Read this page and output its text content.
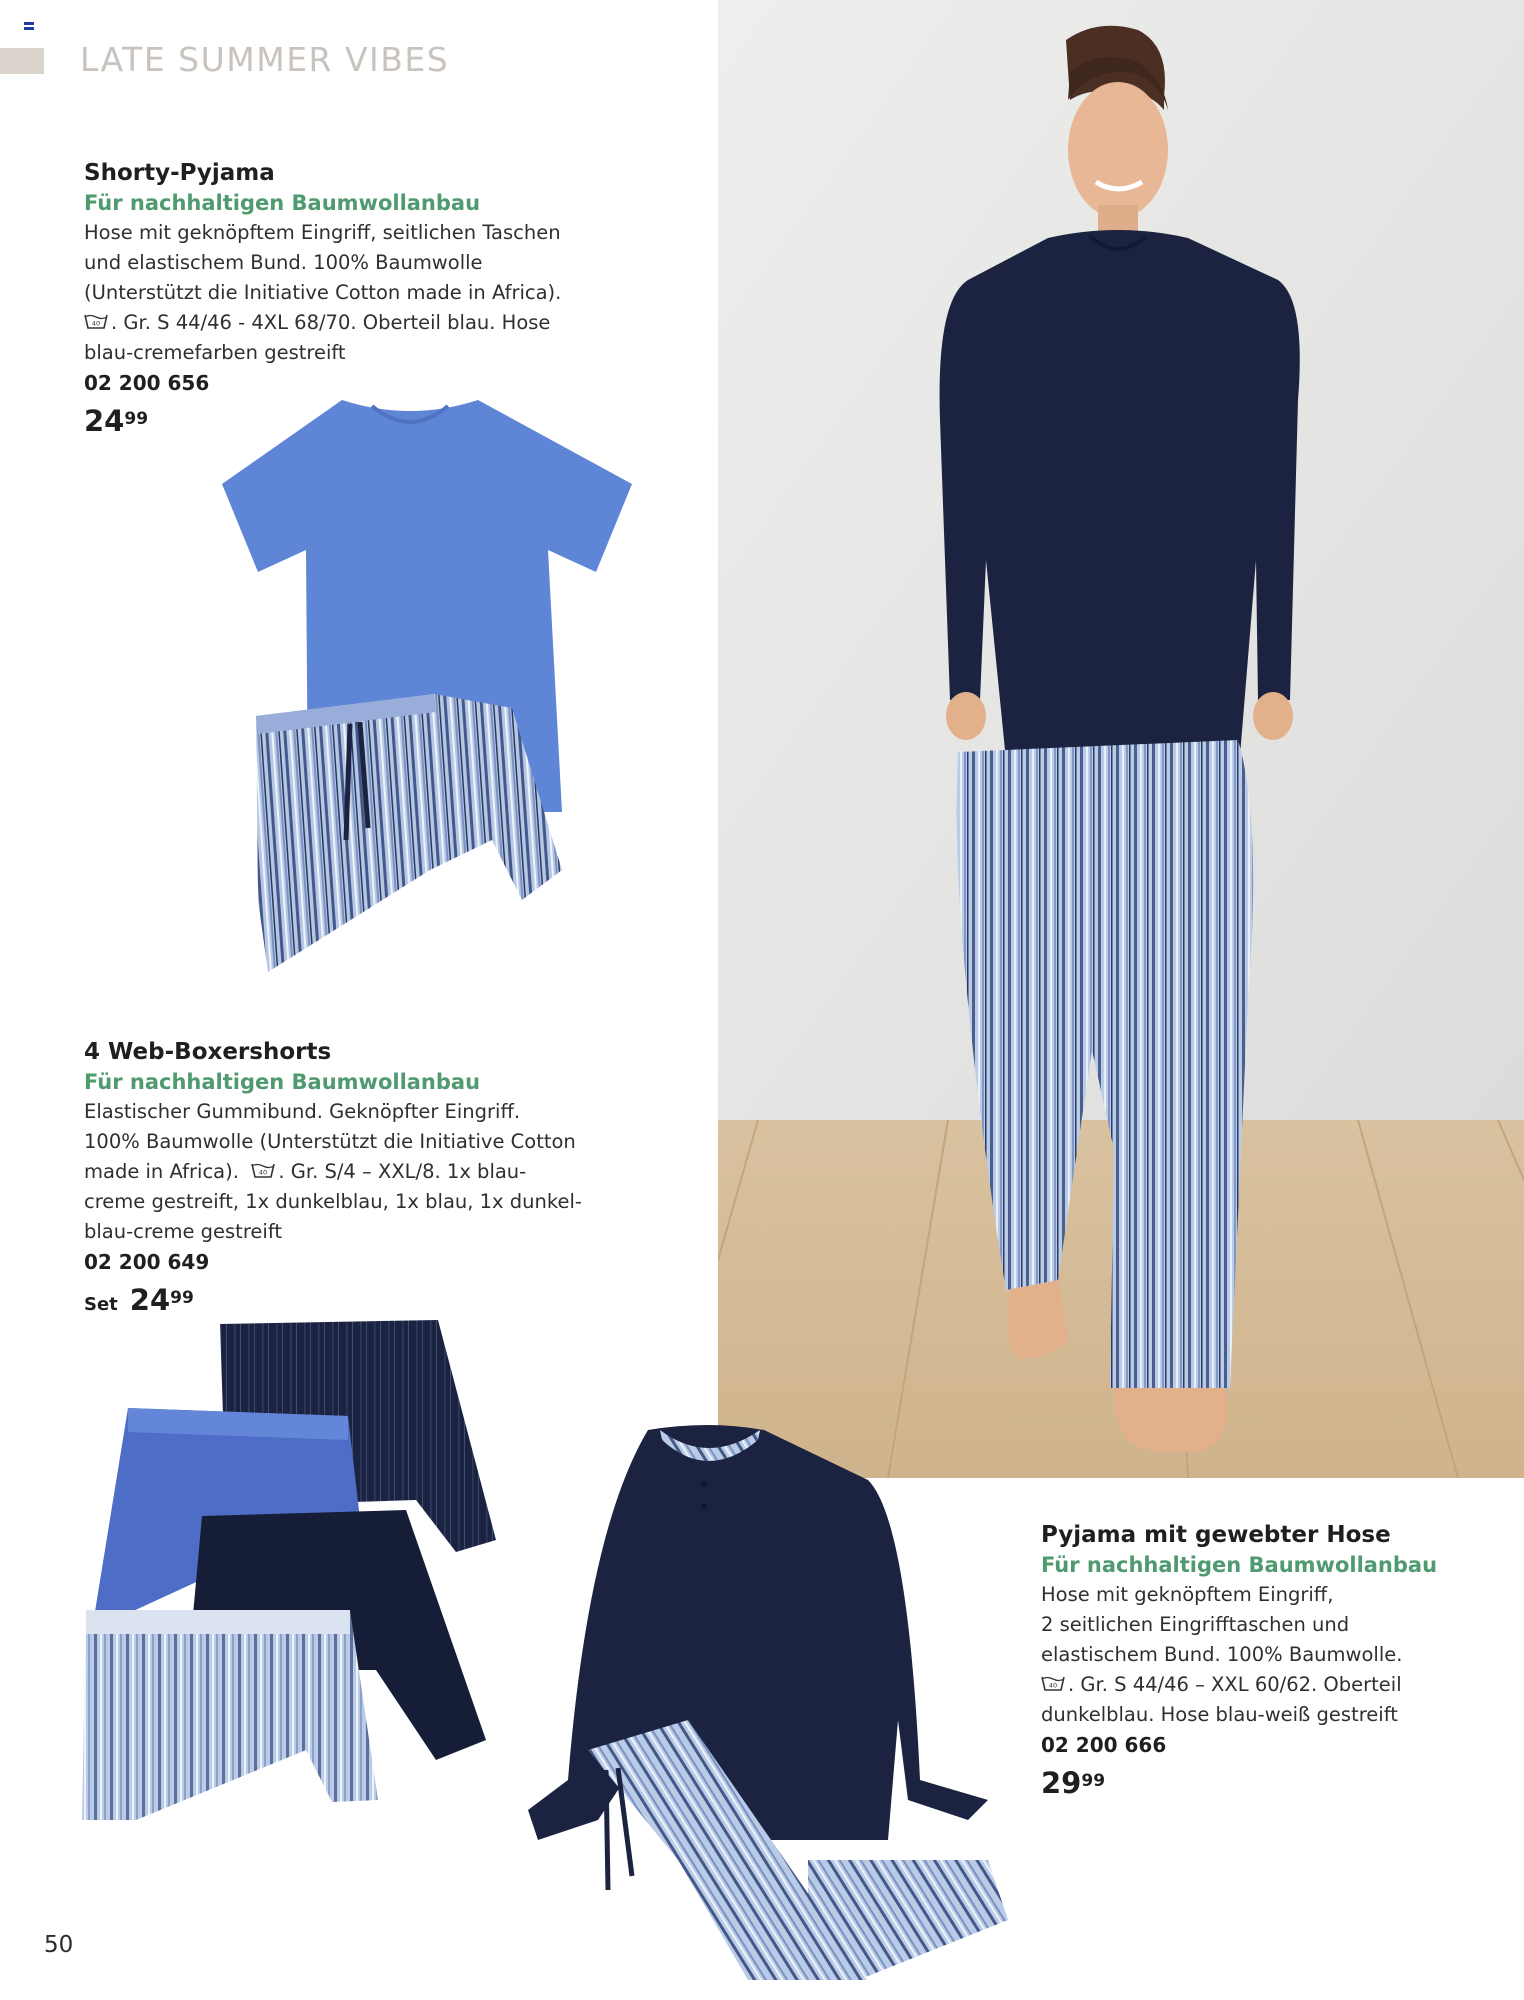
LATE SUMMER VIBES
Shorty-Pyjama
Für nachhaltigen Baumwollanbau
Hose mit geknöpftem Eingriff, seitlichen Taschen
und elastischem Bund. 100% Baumwolle
(Unterstützt die Initiative Cotton made in Africa).
40 . Gr. S 44/46 - 4XL 68/70. Oberteil blau. Hose
blau-cremefarben gestreift
02 200 656
$24^{99}$
4 Web-Boxershorts
Für nachhaltigen Baumwollanbau
Elastischer Gummibund. Geknöpfter Eingriff.
100% Baumwolle (Unterstützt die Initiative Cotton
made in Africa).	40 . Gr. S/4 – XXL/8. 1x blau-
creme gestreift, 1x dunkelblau, 1x blau, 1x dunkel-
blau-creme gestreift
02 200 649
Set $24^{99}$
Pyjama mit gewebter Hose
Für nachhaltigen Baumwollanbau
Hose mit geknöpftem Eingriff,
2 seitlichen Eingrifftaschen und
elastischem Bund. 100% Baumwolle.
40 . Gr. S 44/46 – XXL 60/62. Oberteil
dunkelblau. Hose blau-weiß gestreift
02 200 666
$29^{99}$
50
